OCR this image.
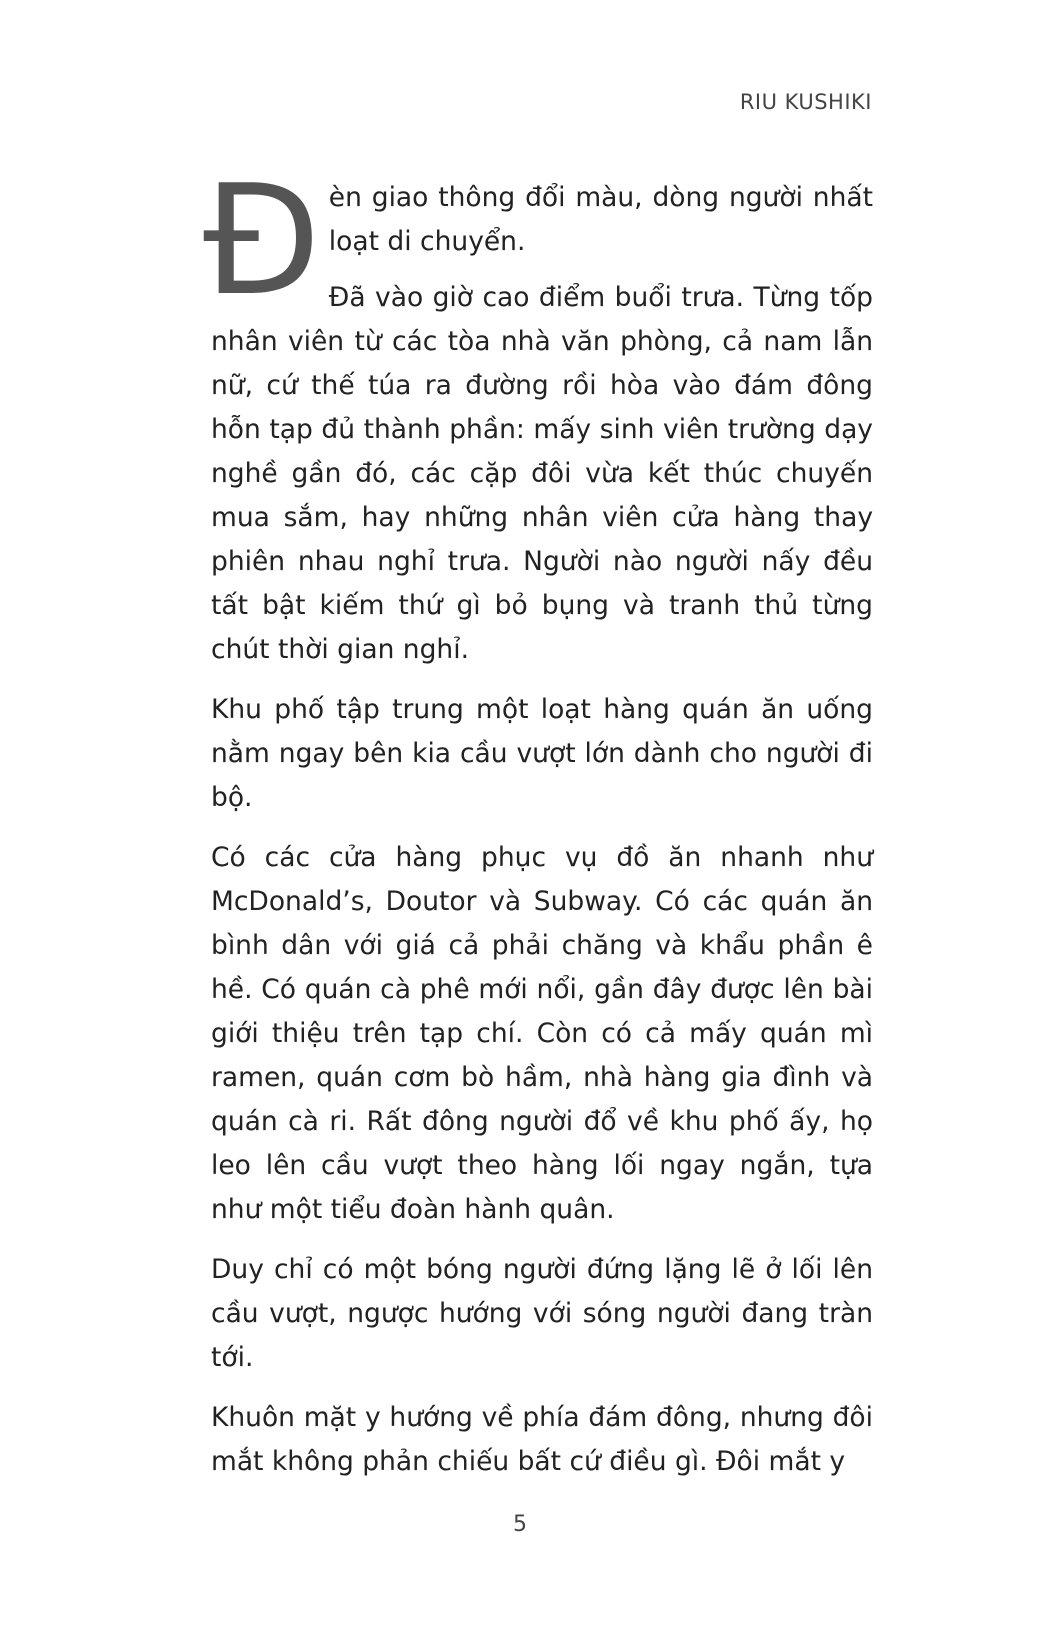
RIU KUSHIKI

Đèn giao thông đổi màu, dòng người nhất loạt di chuyển.

Đã vào giờ cao điểm buổi trưa. Từng tốp nhân viên từ các tòa nhà văn phòng, cả nam lẫn nữ, cứ thế túa ra đường rồi hòa vào đám đông hỗn tạp đủ thành phần: mấy sinh viên trường dạy nghề gần đó, các cặp đôi vừa kết thúc chuyến mua sắm, hay những nhân viên cửa hàng thay phiên nhau nghỉ trưa. Người nào người nấy đều tất bật kiếm thứ gì bỏ bụng và tranh thủ từng chút thời gian nghỉ.

Khu phố tập trung một loạt hàng quán ăn uống nằm ngay bên kia cầu vượt lớn dành cho người đi bộ.

Có các cửa hàng phục vụ đồ ăn nhanh như McDonald’s, Doutor và Subway. Có các quán ăn bình dân với giá cả phải chăng và khẩu phần ê hề. Có quán cà phê mới nổi, gần đây được lên bài giới thiệu trên tạp chí. Còn có cả mấy quán mì ramen, quán cơm bò hầm, nhà hàng gia đình và quán cà ri. Rất đông người đổ về khu phố ấy, họ leo lên cầu vượt theo hàng lối ngay ngắn, tựa như một tiểu đoàn hành quân.

Duy chỉ có một bóng người đứng lặng lẽ ở lối lên cầu vượt, ngược hướng với sóng người đang tràn tới.

Khuôn mặt y hướng về phía đám đông, nhưng đôi mắt không phản chiếu bất cứ điều gì. Đôi mắt y

5
